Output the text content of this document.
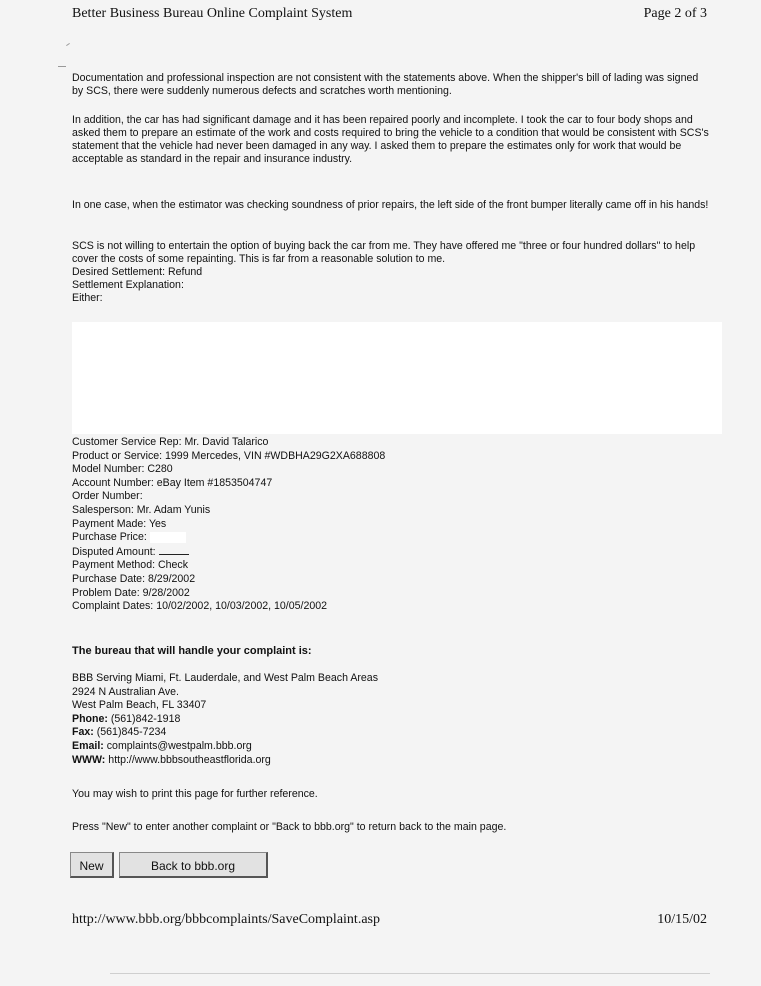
Better Business Bureau Online Complaint System	Page 2 of 3

Documentation and professional inspection are not consistent with the statements above. When the shipper's bill of lading was signed by SCS, there were suddenly numerous defects and scratches worth mentioning.

In addition, the car has had significant damage and it has been repaired poorly and incomplete. I took the car to four body shops and asked them to prepare an estimate of the work and costs required to bring the vehicle to a condition that would be consistent with SCS's statement that the vehicle had never been damaged in any way. I asked them to prepare the estimates only for work that would be acceptable as standard in the repair and insurance industry.

In one case, when the estimator was checking soundness of prior repairs, the left side of the front bumper literally came off in his hands!

SCS is not willing to entertain the option of buying back the car from me. They have offered me "three or four hundred dollars" to help cover the costs of some repainting. This is far from a reasonable solution to me.

Desired Settlement: Refund

Settlement Explanation:

Either:

Customer Service Rep: Mr. David Talarico
Product or Service: 1999 Mercedes, VIN #WDBHA29G2XA688808
Model Number: C280
Account Number: eBay Item #1853504747
Order Number:
Salesperson: Mr. Adam Yunis
Payment Made: Yes
Purchase Price:
Disputed Amount:
Payment Method: Check
Purchase Date: 8/29/2002
Problem Date: 9/28/2002
Complaint Dates: 10/02/2002, 10/03/2002, 10/05/2002
The bureau that will handle your complaint is:
BBB Serving Miami, Ft. Lauderdale, and West Palm Beach Areas
2924 N Australian Ave.
West Palm Beach, FL 33407
Phone: (561)842-1918
Fax: (561)845-7234
Email: complaints@westpalm.bbb.org
WWW: http://www.bbbsoutheastflorida.org
You may wish to print this page for further reference.
Press "New" to enter another complaint or "Back to bbb.org" to return back to the main page.
New	Back to bbb.org
http://www.bbb.org/bbbcomplaints/SaveComplaint.asp	10/15/02
